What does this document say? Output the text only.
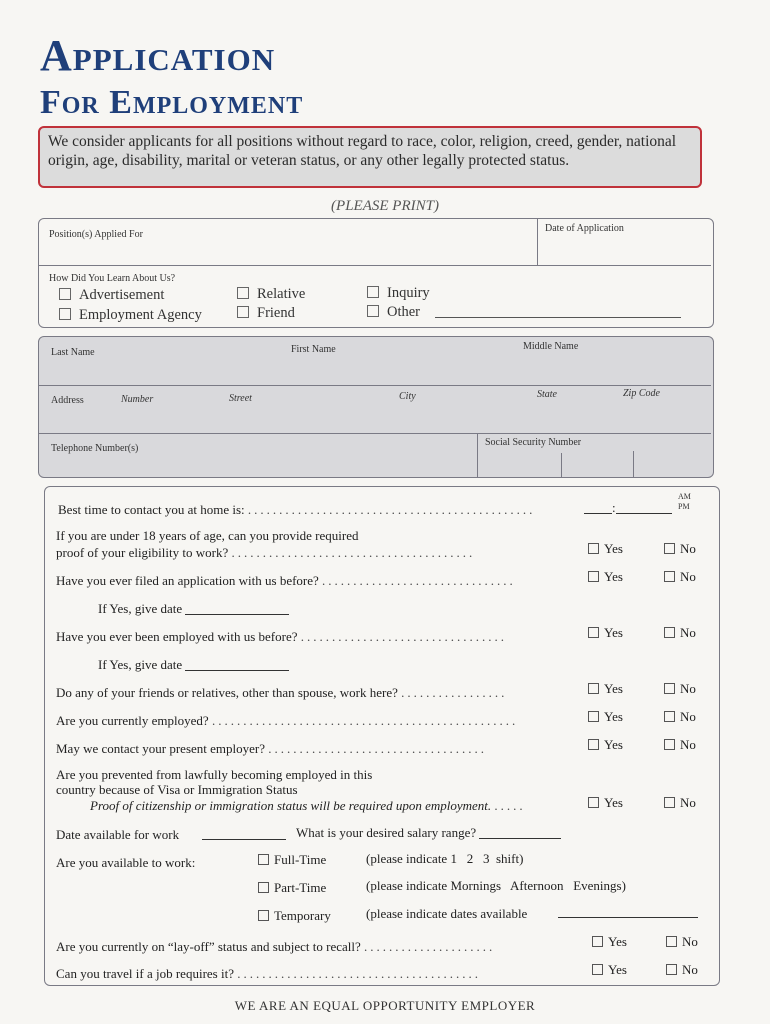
Application
For Employment
We consider applicants for all positions without regard to race, color, religion, creed, gender, national origin, age, disability, marital or veteran status, or any other legally protected status.
(PLEASE PRINT)
Position(s) Applied For
Date of Application
How Did You Learn About Us?
Advertisement
Employment Agency
Relative
Friend
Inquiry
Other
Last Name	First Name	Middle Name
Address	Number	Street	City	State	Zip Code
Telephone Number(s)
Social Security Number
Best time to contact you at home is: ..............................................	:
AM
PM
If you are under 18 years of age, can you provide required
proof of your eligibility to work? .......................................	Yes	No
Have you ever filed an application with us before? ...............................	Yes	No
If Yes, give date
Have you ever been employed with us before? .................................	Yes	No
If Yes, give date
Do any of your friends or relatives, other than spouse, work here? .................	Yes	No
Are you currently employed? .................................................	Yes	No
May we contact your present employer? ...................................	Yes	No
Are you prevented from lawfully becoming employed in this
country because of Visa or Immigration Status
Proof of citizenship or immigration status will be required upon employment. .....	Yes	No
Date available for work	What is your desired salary range?
Are you available to work:	Full-Time	(please indicate 1   2   3  shift)
Part-Time	(please indicate Mornings   Afternoon   Evenings)
Temporary	(please indicate dates available
Are you currently on “lay-off” status and subject to recall? .....................	Yes	No
Can you travel if a job requires it? .......................................	Yes	No
WE ARE AN EQUAL OPPORTUNITY EMPLOYER
